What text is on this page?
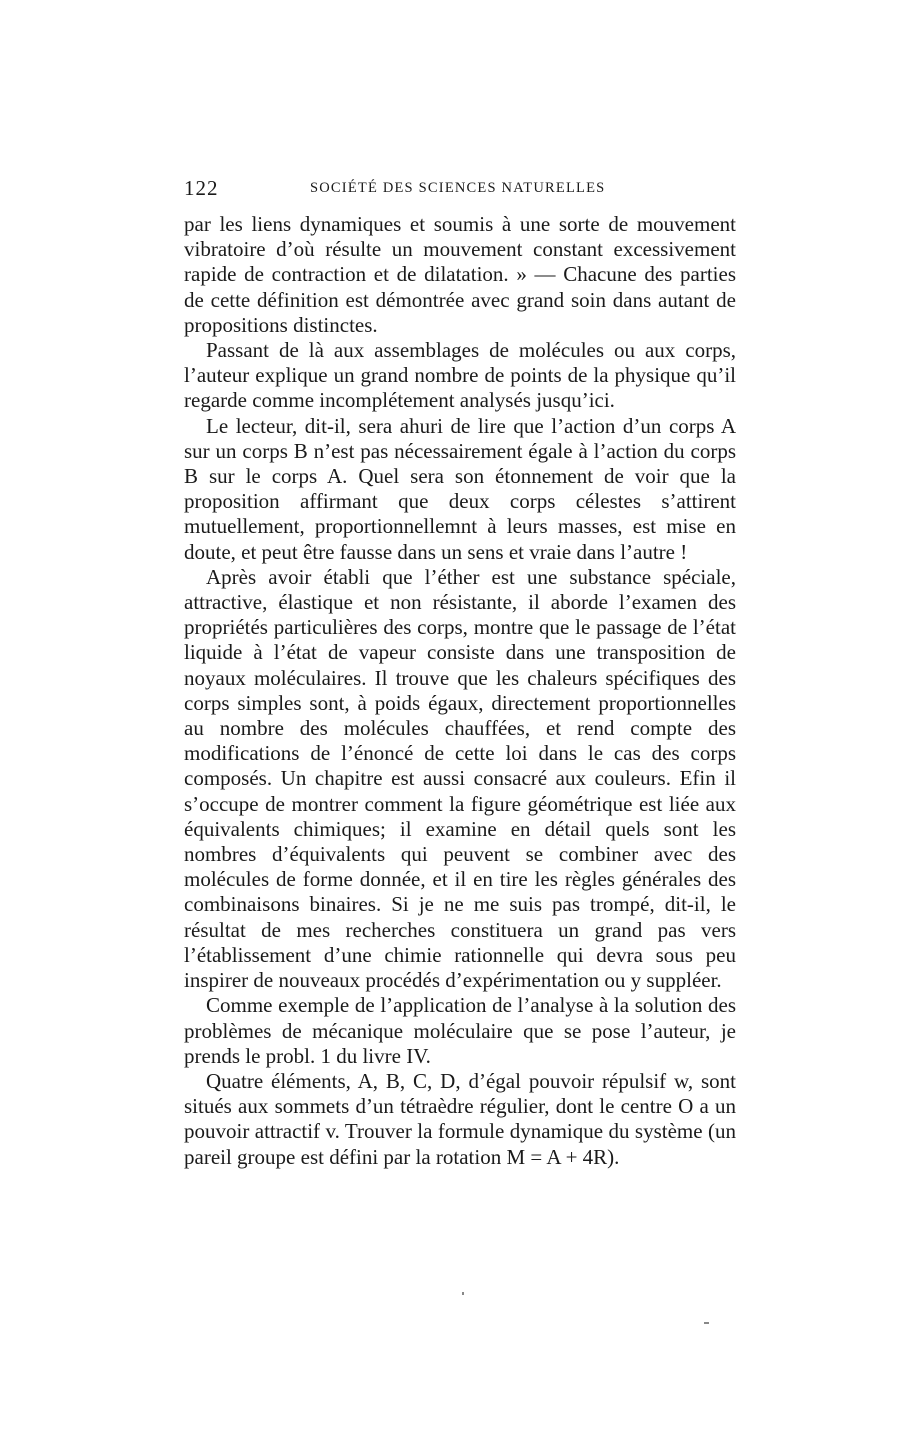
122	SOCIÉTÉ DES SCIENCES NATURELLES

par les liens dynamiques et soumis à une sorte de mouvement vibratoire d’où résulte un mouvement constant excessivement rapide de contraction et de dilatation. » — Chacune des parties de cette définition est démontrée avec grand soin dans autant de propositions distinctes.

Passant de là aux assemblages de molécules ou aux corps, l’auteur explique un grand nombre de points de la physique qu’il regarde comme incomplétement analysés jusqu’ici.

Le lecteur, dit-il, sera ahuri de lire que l’action d’un corps A sur un corps B n’est pas nécessairement égale à l’action du corps B sur le corps A. Quel sera son étonnement de voir que la proposition affirmant que deux corps célestes s’attirent mutuellement, proportionnellemnt à leurs masses, est mise en doute, et peut être fausse dans un sens et vraie dans l’autre !

Après avoir établi que l’éther est une substance spéciale, attractive, élastique et non résistante, il aborde l’examen des propriétés particulières des corps, montre que le passage de l’état liquide à l’état de vapeur consiste dans une transposition de noyaux moléculaires. Il trouve que les chaleurs spécifiques des corps simples sont, à poids égaux, directement proportionnelles au nombre des molécules chauffées, et rend compte des modifications de l’énoncé de cette loi dans le cas des corps composés. Un chapitre est aussi consacré aux couleurs. Efin il s’occupe de montrer comment la figure géométrique est liée aux équivalents chimiques; il examine en détail quels sont les nombres d’équivalents qui peuvent se combiner avec des molécules de forme donnée, et il en tire les règles générales des combinaisons binaires. Si je ne me suis pas trompé, dit-il, le résultat de mes recherches constituera un grand pas vers l’établissement d’une chimie rationnelle qui devra sous peu inspirer de nouveaux procédés d’expérimentation ou y suppléer.

Comme exemple de l’application de l’analyse à la solution des problèmes de mécanique moléculaire que se pose l’auteur, je prends le probl. 1 du livre IV.

Quatre éléments, A, B, C, D, d’égal pouvoir répulsif w, sont situés aux sommets d’un tétraèdre régulier, dont le centre O a un pouvoir attractif v. Trouver la formule dynamique du système (un pareil groupe est défini par la rotation M = A + 4R).
